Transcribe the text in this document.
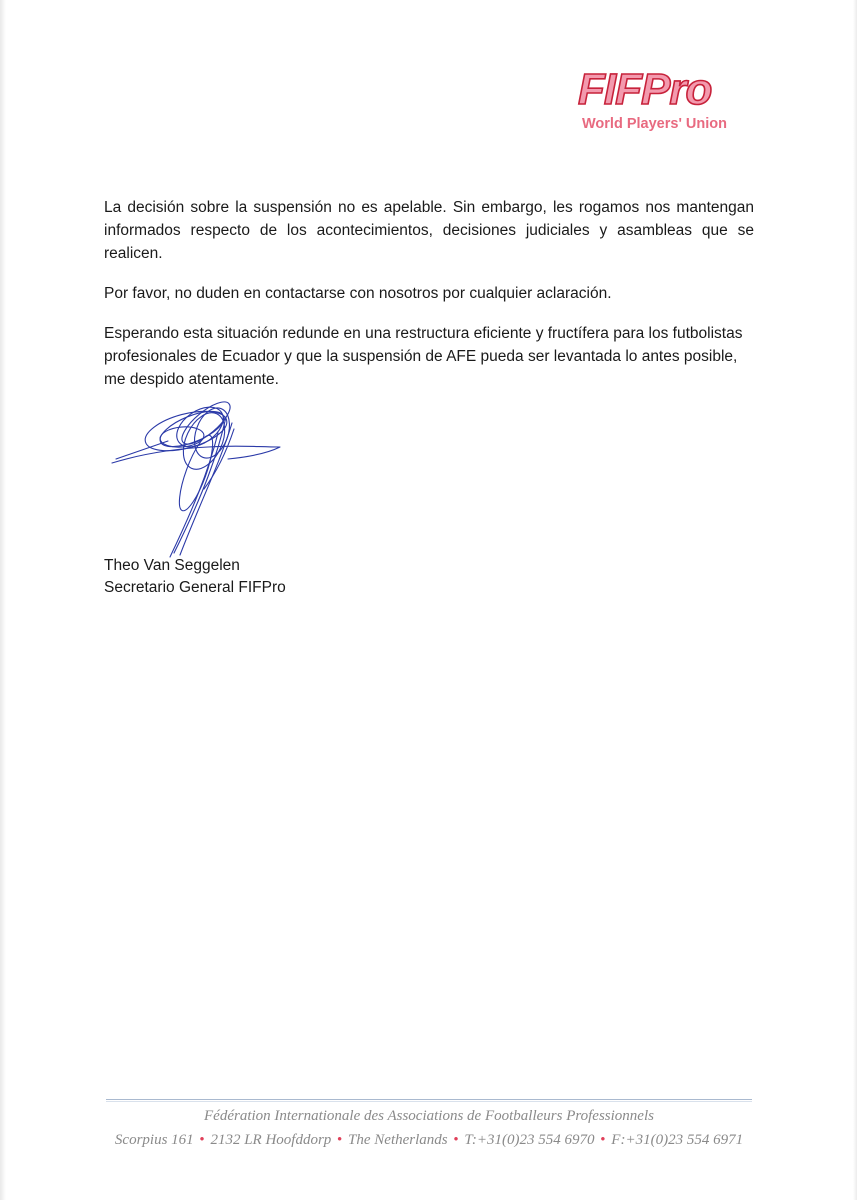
FIFPro
World Players' Union

La decisión sobre la suspensión no es apelable. Sin embargo, les rogamos nos mantengan informados respecto de los acontecimientos, decisiones judiciales y asambleas que se realicen.

Por favor, no duden en contactarse con nosotros por cualquier aclaración.

Esperando esta situación redunde en una restructura eficiente y fructífera para los futbolistas profesionales de Ecuador y que la suspensión de AFE pueda ser levantada lo antes posible, me despido atentamente.

Theo Van Seggelen
Secretario General FIFPro
Fédération Internationale des Associations de Footballeurs Professionnels
Scorpius 161 • 2132 LR Hoofddorp • The Netherlands • T:+31(0)23 554 6970 • F:+31(0)23 554 6971
